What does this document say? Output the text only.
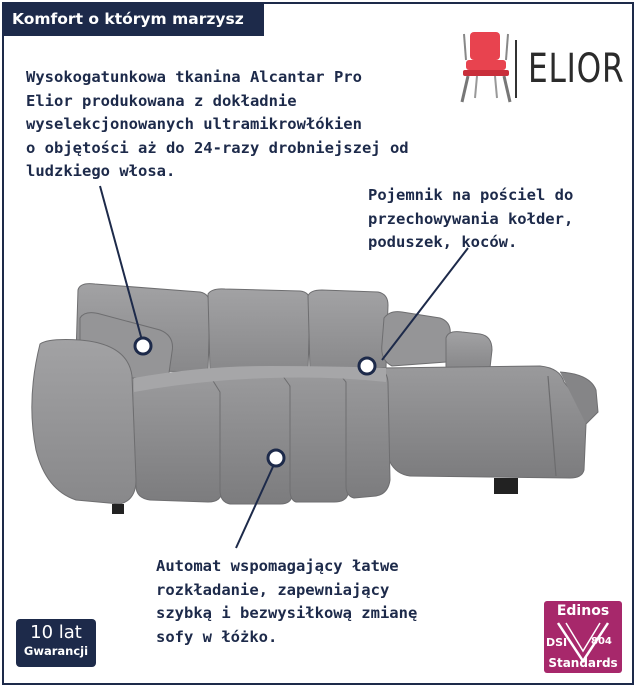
Komfort o którym marzysz
ELIOR
Wysokogatunkowa tkanina Alcantar Pro
Elior produkowana z dokładnie
wyselekcjonowanych ultramikrowłókien
o objętości aż do 24-razy drobniejszej od
ludzkiego włosa.
Pojemnik na pościel do
przechowywania kołder,
poduszek, koców.
Automat wspomagający łatwe
rozkładanie, zapewniający
szybką i bezwysiłkową zmianę
sofy w łóżko.
10 lat
Gwarancji
Edinos
DSI 804
Standards
